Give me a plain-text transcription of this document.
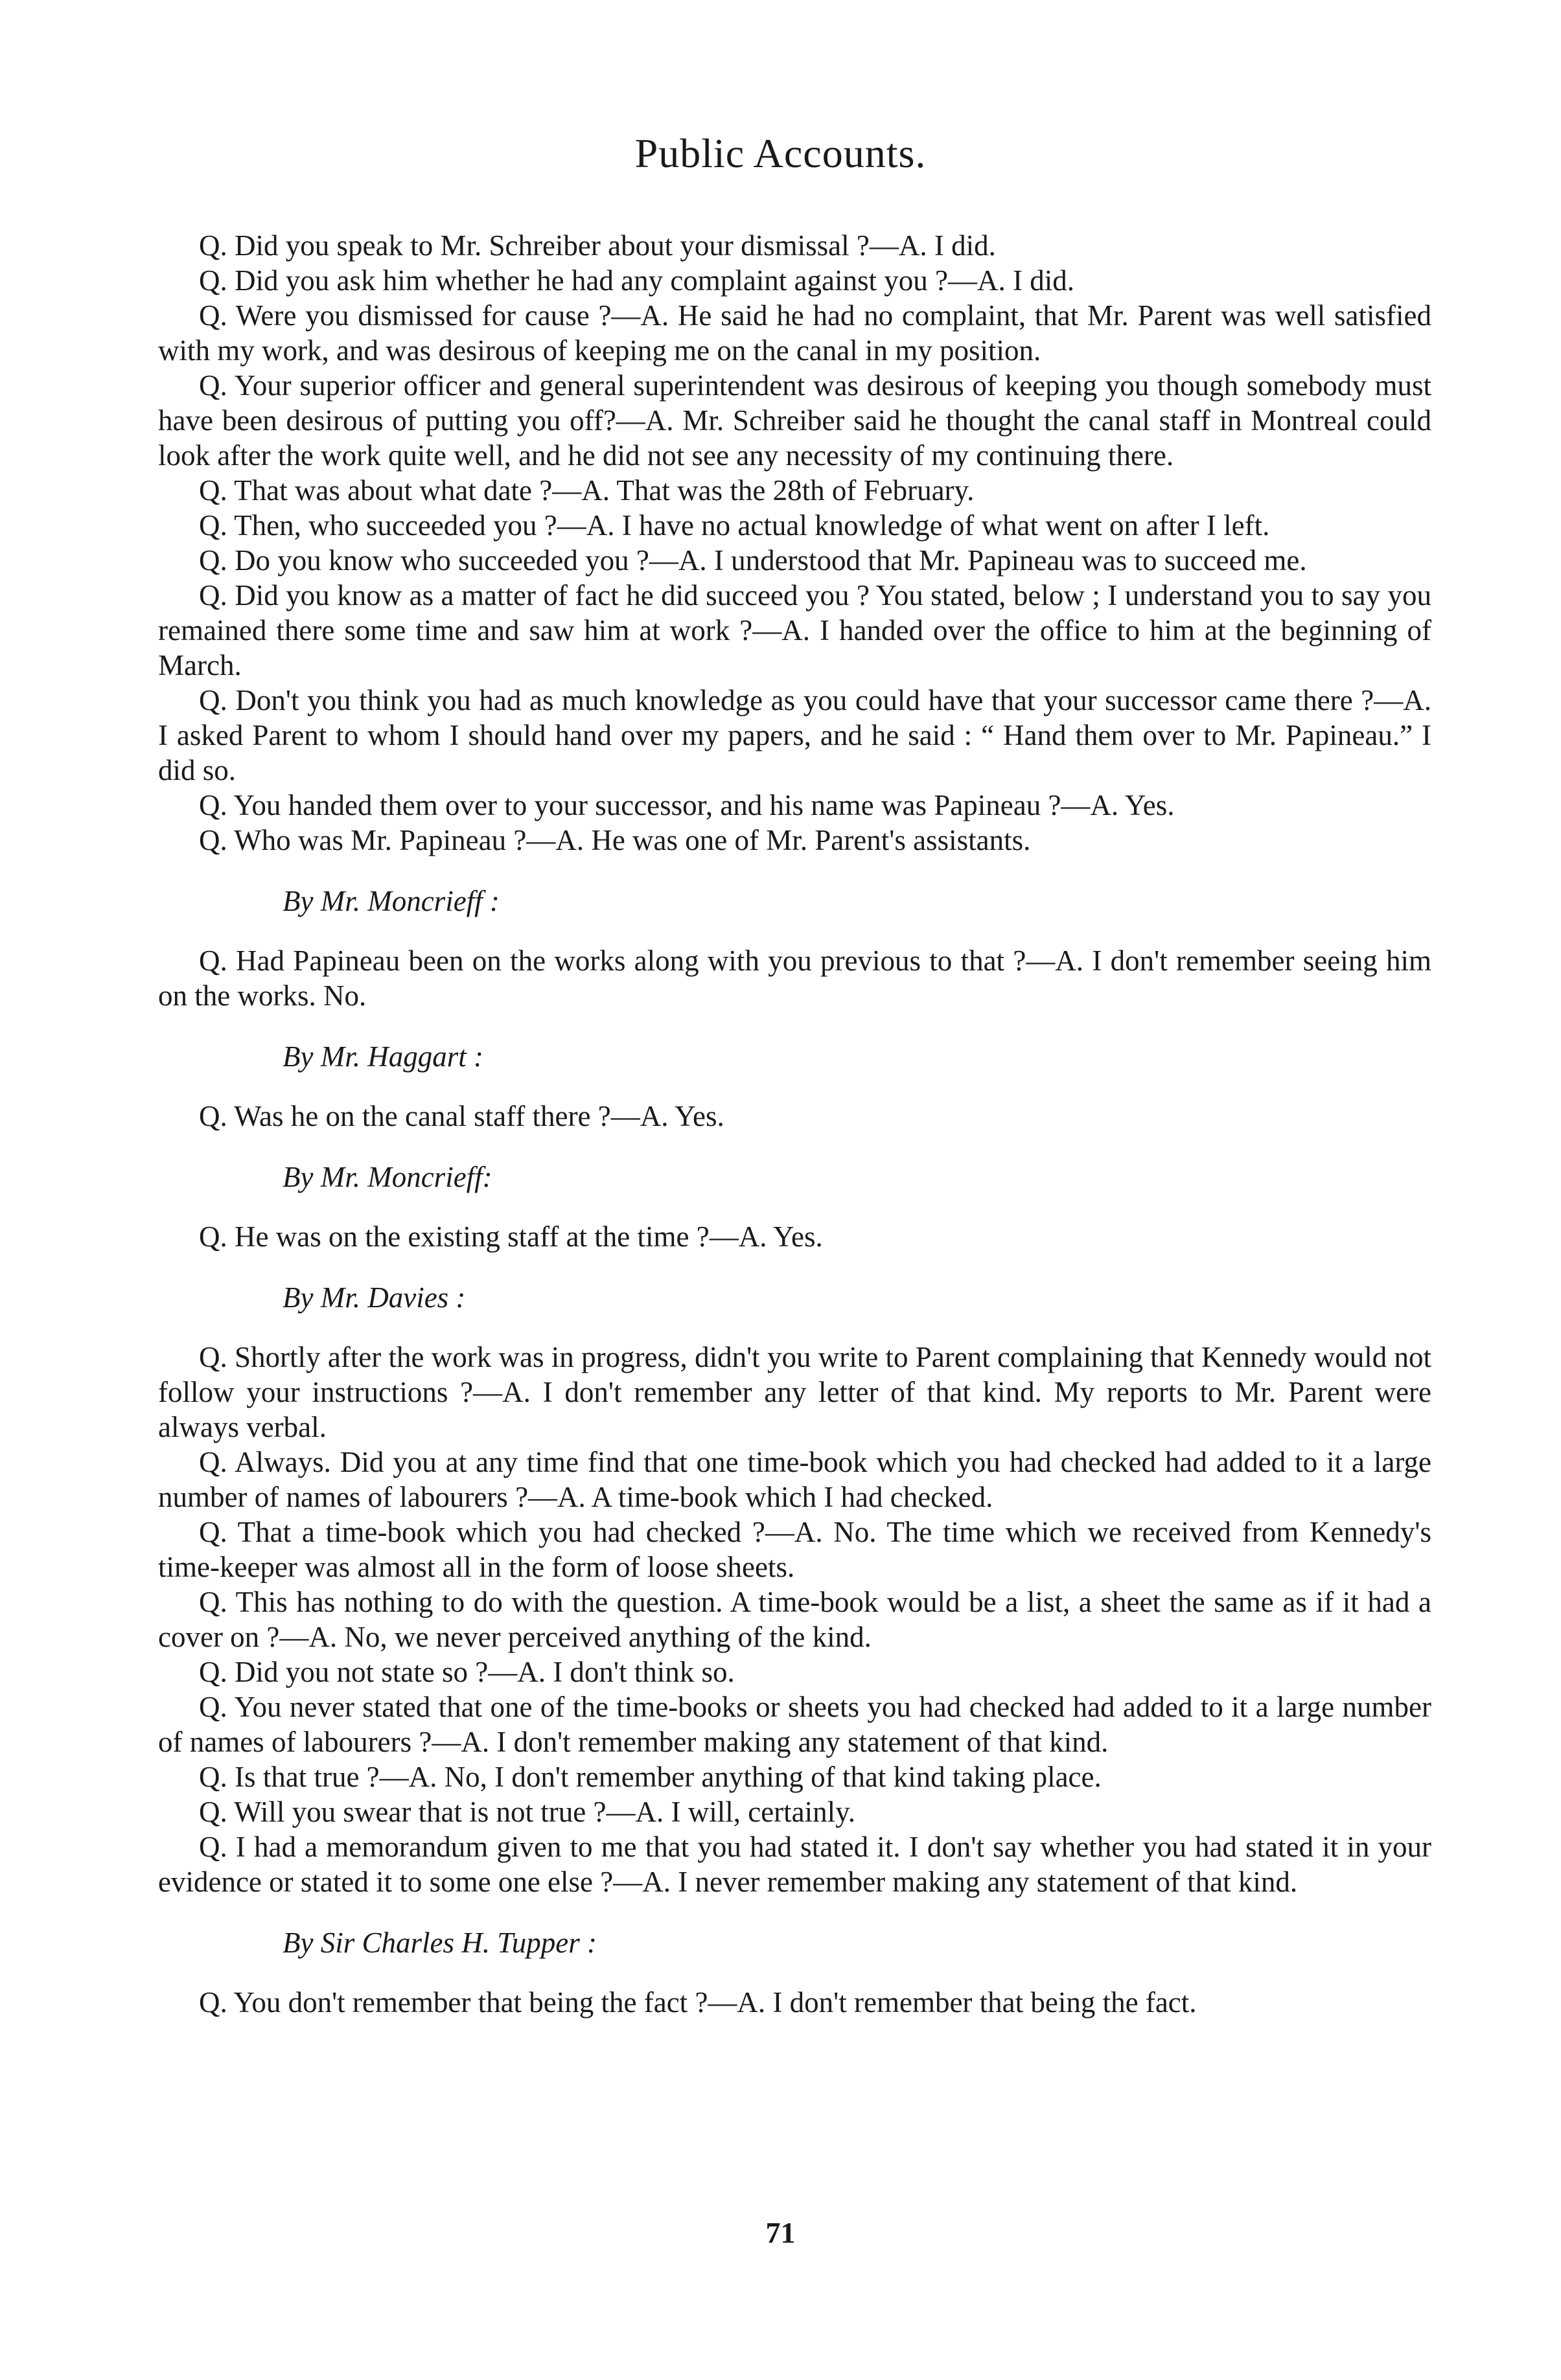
Public Accounts.

Q. Did you speak to Mr. Schreiber about your dismissal ?—A. I did.

Q. Did you ask him whether he had any complaint against you ?—A. I did.

Q. Were you dismissed for cause ?—A. He said he had no complaint, that Mr. Parent was well satisfied with my work, and was desirous of keeping me on the canal in my position.

Q. Your superior officer and general superintendent was desirous of keeping you though somebody must have been desirous of putting you off?—A. Mr. Schreiber said he thought the canal staff in Montreal could look after the work quite well, and he did not see any necessity of my continuing there.

Q. That was about what date ?—A. That was the 28th of February.

Q. Then, who succeeded you ?—A. I have no actual knowledge of what went on after I left.

Q. Do you know who succeeded you ?—A. I understood that Mr. Papineau was to succeed me.

Q. Did you know as a matter of fact he did succeed you ? You stated, below ; I understand you to say you remained there some time and saw him at work ?—A. I handed over the office to him at the beginning of March.

Q. Don't you think you had as much knowledge as you could have that your successor came there ?—A. I asked Parent to whom I should hand over my papers, and he said : “ Hand them over to Mr. Papineau.” I did so.

Q. You handed them over to your successor, and his name was Papineau ?—A. Yes.

Q. Who was Mr. Papineau ?—A. He was one of Mr. Parent's assistants.

By Mr. Moncrieff :

Q. Had Papineau been on the works along with you previous to that ?—A. I don't remember seeing him on the works. No.

By Mr. Haggart :

Q. Was he on the canal staff there ?—A. Yes.

By Mr. Moncrieff:

Q. He was on the existing staff at the time ?—A. Yes.

By Mr. Davies :

Q. Shortly after the work was in progress, didn't you write to Parent complaining that Kennedy would not follow your instructions ?—A. I don't remember any letter of that kind. My reports to Mr. Parent were always verbal.

Q. Always. Did you at any time find that one time-book which you had checked had added to it a large number of names of labourers ?—A. A time-book which I had checked.

Q. That a time-book which you had checked ?—A. No. The time which we received from Kennedy's time-keeper was almost all in the form of loose sheets.

Q. This has nothing to do with the question. A time-book would be a list, a sheet the same as if it had a cover on ?—A. No, we never perceived anything of the kind.

Q. Did you not state so ?—A. I don't think so.

Q. You never stated that one of the time-books or sheets you had checked had added to it a large number of names of labourers ?—A. I don't remember making any statement of that kind.

Q. Is that true ?—A. No, I don't remember anything of that kind taking place.

Q. Will you swear that is not true ?—A. I will, certainly.

Q. I had a memorandum given to me that you had stated it. I don't say whether you had stated it in your evidence or stated it to some one else ?—A. I never remember making any statement of that kind.

By Sir Charles H. Tupper :

Q. You don't remember that being the fact ?—A. I don't remember that being the fact.

71
